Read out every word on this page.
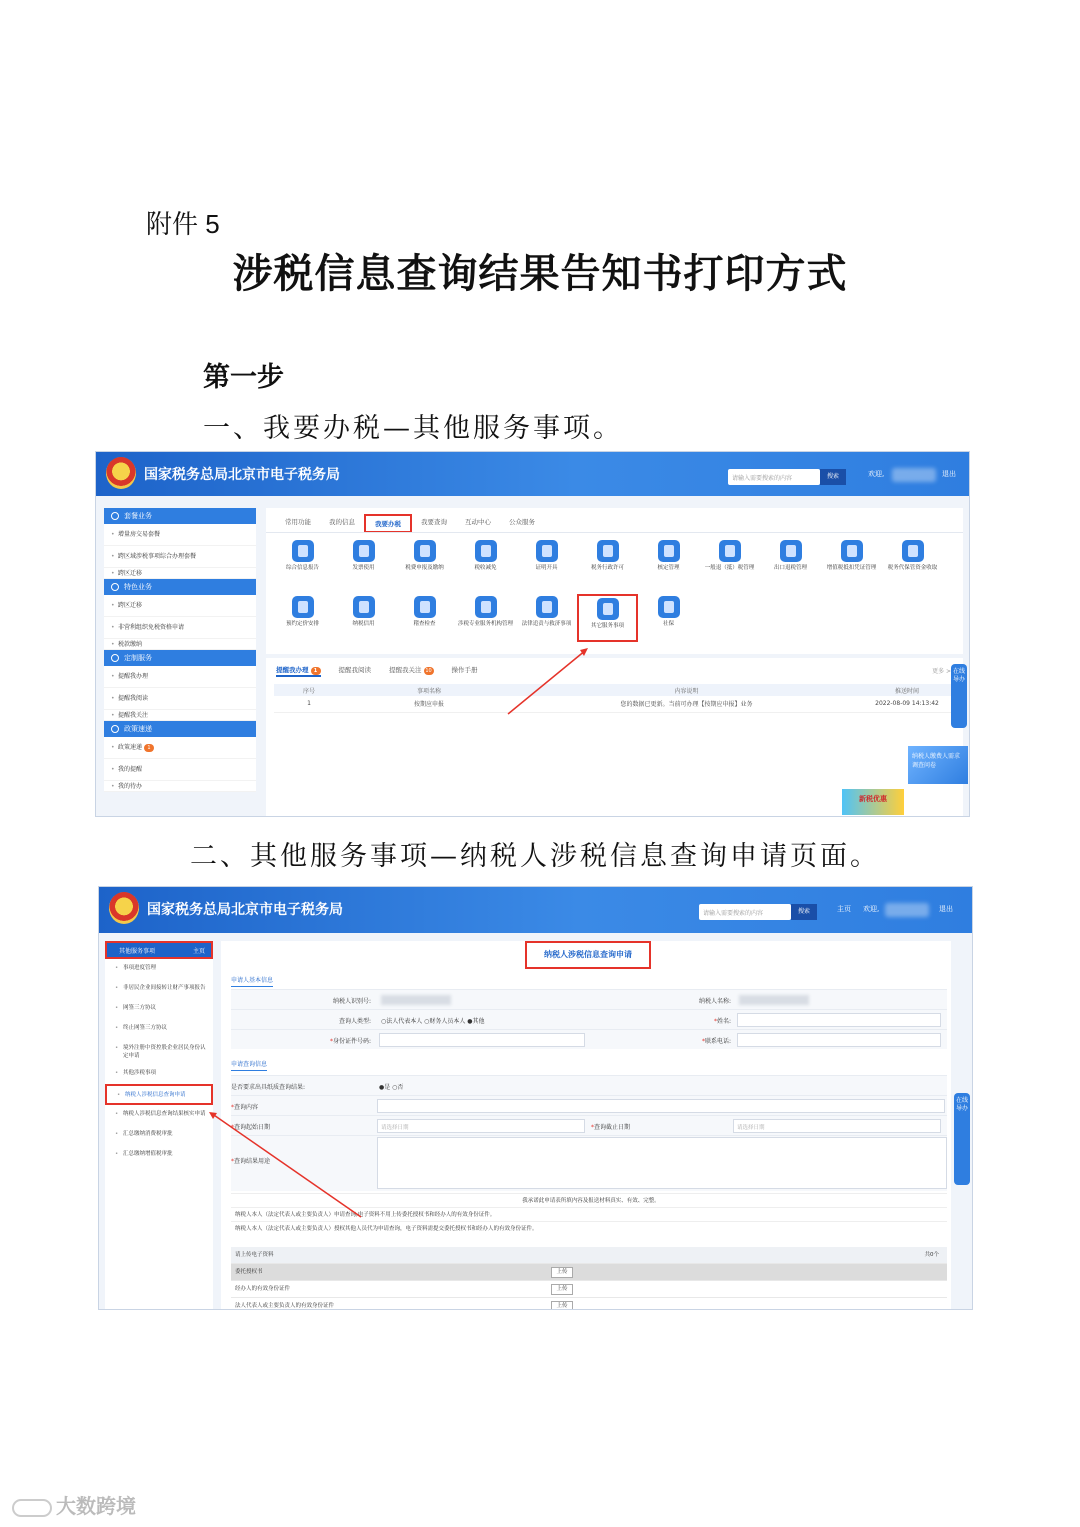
附件 5
涉税信息查询结果告知书打印方式
第一步
一、我要办税—其他服务事项。
国家税务总局北京市电子税务局	请输入需要搜索的内容	搜索	欢迎,	退出
套餐业务
• 增量房交易套餐
• 跨区域涉税事项综合办理套餐
• 跨区迁移
特色业务
• 跨区迁移
• 非营利组织免税资格申请
• 税款缴纳
定制服务
• 提醒我办理
• 提醒我阅读
• 提醒我关注
政策速递
• 政策速递 1
• 我的提醒
• 我的待办
常用功能	我的信息	我要办税	我要查询	互动中心	公众服务
综合信息报告	发票使用	税费申报及缴纳	税收减免	证明开具	税务行政许可	核定管理	一般退（抵）税管理	出口退税管理	增值税抵扣凭证管理	税务代保管资金收取
预约定价安排	纳税信用	稽查检查	涉税专业服务机构管理	法律追责与救济事项	其它服务事项	社保
提醒我办理 1	提醒我阅读	提醒我关注 10	操作手册	更多 >
序号	事项名称	内容说明	推送时间
1	按期应申报	您的数据已更新。当前可办理【按期应申报】业务	2022-08-09 14:13:42
在线导办
纳税人缴费人需求调查问卷
新税优惠
二、其他服务事项—纳税人涉税信息查询申请页面。
国家税务总局北京市电子税务局	请输入需要搜索的内容	搜索	主页 欢迎,	退出
其他服务事项	主页
• 事项进度管理
• 非居民企业间接转让财产事项报告
• 网签三方协议
• 终止网签三方协议
• 境外注册中资控股企业居民身份认定申请
• 其他涉税事项
• 纳税人涉税信息查询申请
• 纳税人涉税信息查询结果核实申请
• 汇总缴纳消费税审批
• 汇总缴纳增值税审批
纳税人涉税信息查询申请
申请人基本信息
纳税人识别号:	纳税人名称:
查询人类型: ○法人代表本人 ○财务人员本人 ●其他	*姓名:
*身份证件号码:	*联系电话:
申请查询信息
是否要求出具纸质查询结果:	●是 ○否
*查询内容
查询起始日期	请选择日期	*查询截止日期	请选择日期
*查询结果用途
我承诺此申请表所填内容及报送材料真实、有效、完整。
纳税人本人（法定代表人或主要负责人）申请查询,电子资料不用上传委托授权书和经办人的有效身份证件。
纳税人本人（法定代表人或主要负责人）授权其他人员代为申请查询，电子资料需提交委托授权书和经办人的有效身份证件。
请上传电子资料	共0个
委托授权书	上传
经办人的有效身份证件	上传
法人代表人或主要负责人的有效身份证件	上传
在线导办
大数跨境
